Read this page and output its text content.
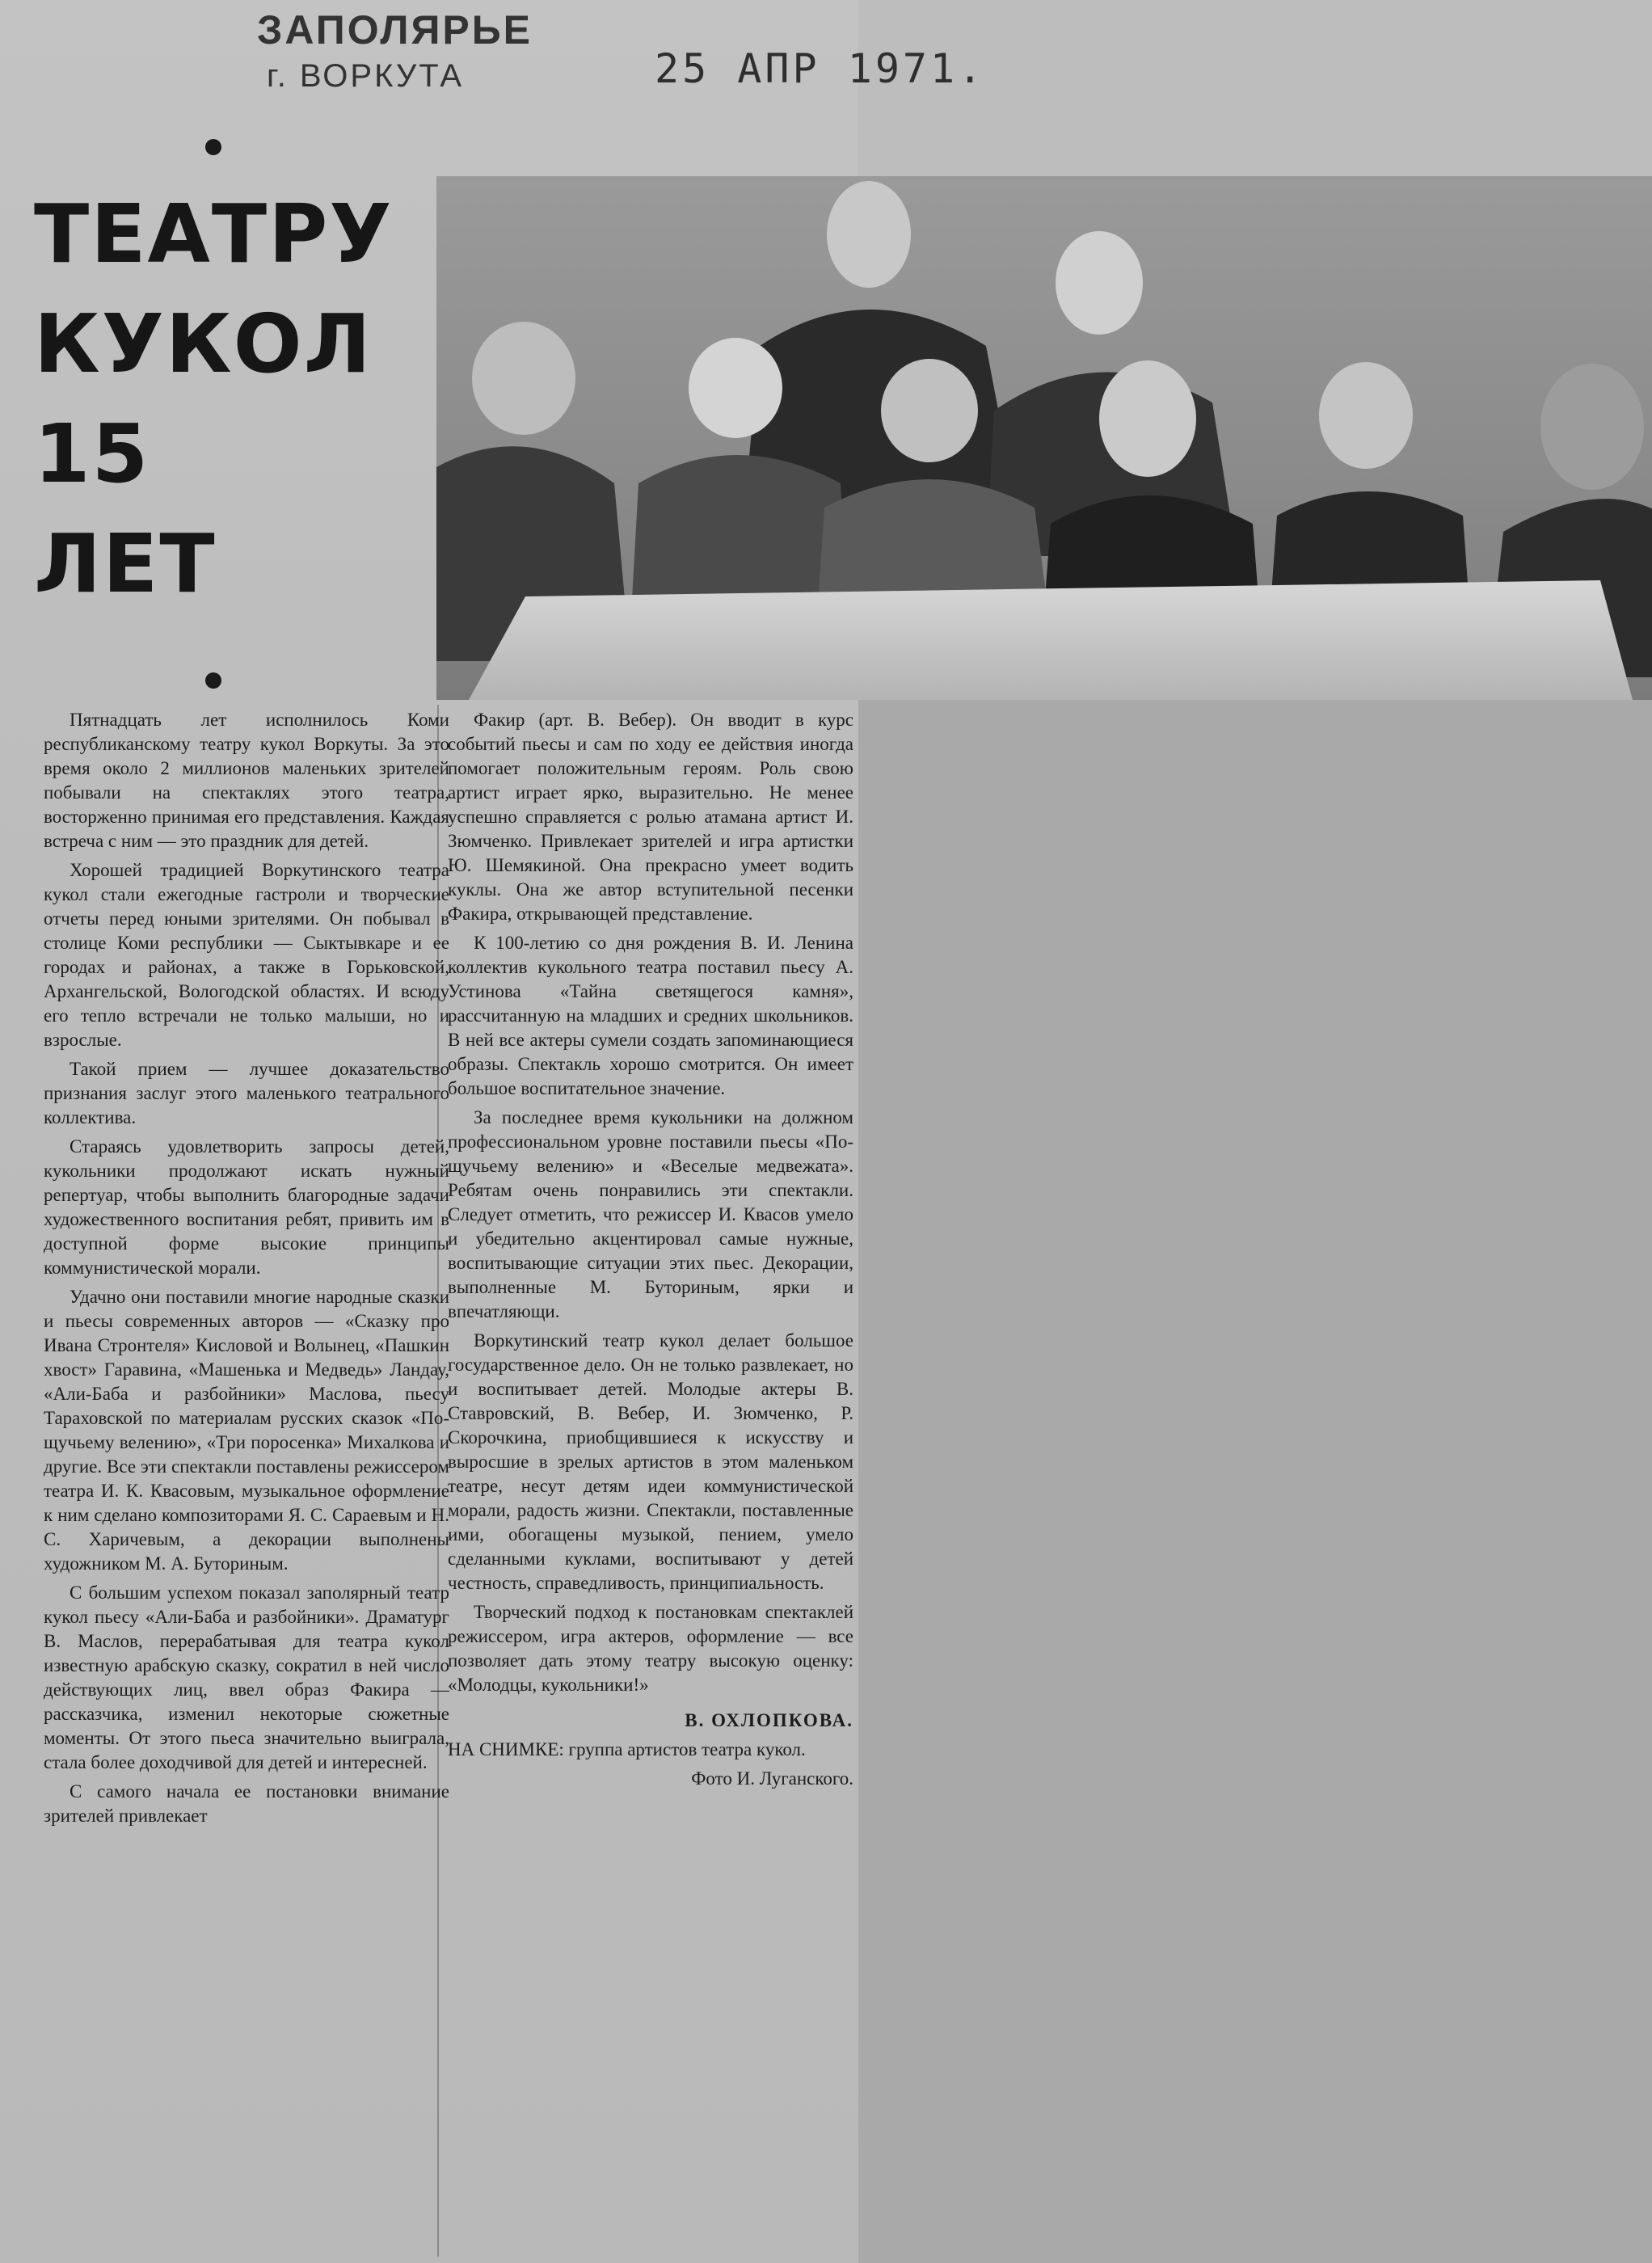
ЗАПОЛЯРЬЕ
г. ВОРКУТА	25 АПР 1971.
ТЕАТРУ
КУКОЛ
15
ЛЕТ

Пятнадцать лет исполнилось Коми республиканскому театру кукол Воркуты. За это время около 2 миллионов маленьких зрителей побывали на спектаклях этого театра, восторженно принимая его представления. Каждая встреча с ним — это праздник для детей.

Хорошей традицией Воркутинского театра кукол стали ежегодные гастроли и творческие отчеты перед юными зрителями. Он побывал в столице Коми республики — Сыктывкаре и ее городах и районах, а также в Горьковской, Архангельской, Вологодской областях. И всюду его тепло встречали не только малыши, но и взрослые.

Такой прием — лучшее доказательство признания заслуг этого маленького театрального коллектива.

Стараясь удовлетворить запросы детей, кукольники продолжают искать нужный репертуар, чтобы выполнить благородные задачи художественного воспитания ребят, привить им в доступной форме высокие принципы коммунистической морали.

Удачно они поставили многие народные сказки и пьесы современных авторов — «Сказку про Ивана Стронтеля» Кисловой и Волынец, «Пашкин хвост» Гаравина, «Машенька и Медведь» Ландау, «Али-Баба и разбойники» Маслова, пьесу Тараховской по материалам русских сказок «По-щучьему велению», «Три поросенка» Михалкова и другие. Все эти спектакли поставлены режиссером театра И. К. Квасовым, музыкальное оформление к ним сделано композиторами Я. С. Сараевым и Н. С. Харичевым, а декорации выполнены художником М. А. Буториным.

С большим успехом показал заполярный театр кукол пьесу «Али-Баба и разбойники». Драматург В. Маслов, перерабатывая для театра кукол известную арабскую сказку, сократил в ней число действующих лиц, ввел образ Факира — рассказчика, изменил некоторые сюжетные моменты. От этого пьеса значительно выиграла, стала более доходчивой для детей и интересней.

С самого начала ее постановки внимание зрителей привлекает

Факир (арт. В. Вебер). Он вводит в курс событий пьесы и сам по ходу ее действия иногда помогает положительным героям. Роль свою артист играет ярко, выразительно. Не менее успешно справляется с ролью атамана артист И. Зюмченко. Привлекает зрителей и игра артистки Ю. Шемякиной. Она прекрасно умеет водить куклы. Она же автор вступительной песенки Факира, открывающей представление.

К 100-летию со дня рождения В. И. Ленина коллектив кукольного театра поставил пьесу А. Устинова «Тайна светящегося камня», рассчитанную на младших и средних школьников. В ней все актеры сумели создать запоминающиеся образы. Спектакль хорошо смотрится. Он имеет большое воспитательное значение.

За последнее время кукольники на должном профессиональном уровне поставили пьесы «По-щучьему велению» и «Веселые медвежата». Ребятам очень понравились эти спектакли. Следует отметить, что режиссер И. Квасов умело и убедительно акцентировал самые нужные, воспитывающие ситуации этих пьес. Декорации, выполненные М. Буториным, ярки и впечатляющи.

Воркутинский театр кукол делает большое государственное дело. Он не только развлекает, но и воспитывает детей. Молодые актеры В. Ставровский, В. Вебер, И. Зюмченко, Р. Скорочкина, приобщившиеся к искусству и выросшие в зрелых артистов в этом маленьком театре, несут детям идеи коммунистической морали, радость жизни. Спектакли, поставленные ими, обогащены музыкой, пением, умело сделанными куклами, воспитывают у детей честность, справедливость, принципиальность.

Творческий подход к постановкам спектаклей режиссером, игра актеров, оформление — все позволяет дать этому театру высокую оценку: «Молодцы, кукольники!»

В. ОХЛОПКОВА.

НА СНИМКЕ: группа артистов театра кукол.

Фото И. Луганского.
